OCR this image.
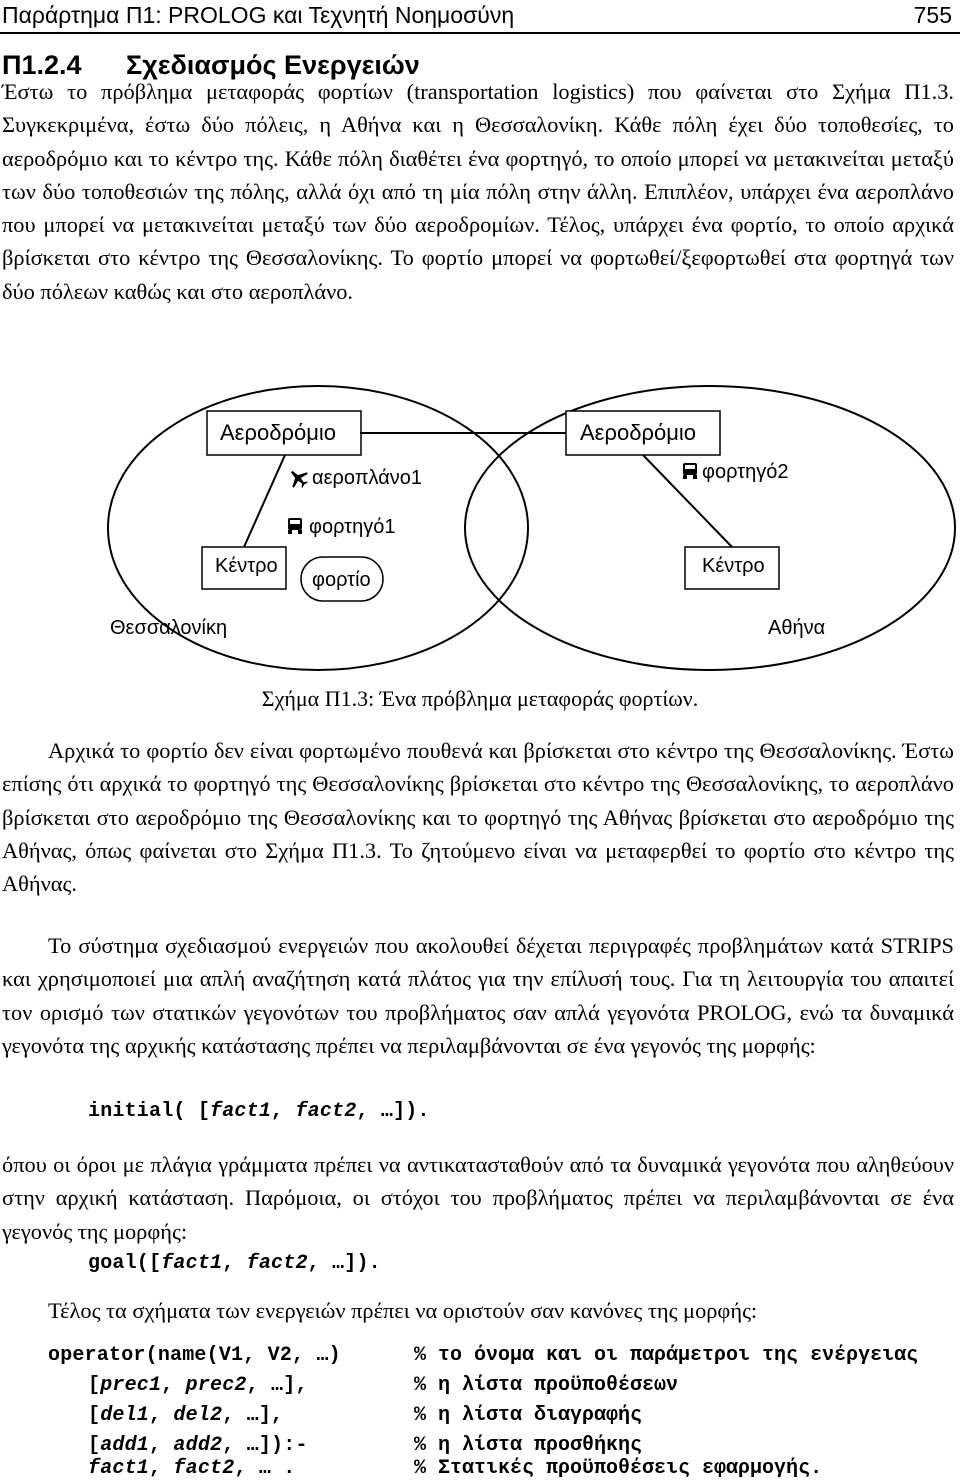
Παράρτημα Π1: PROLOG και Τεχνητή Νοημοσύνη	755
Π1.2.4 Σχεδιασμός Ενεργειών

Έστω το πρόβλημα μεταφοράς φορτίων (transportation logistics) που φαίνεται στο Σχήμα Π1.3. Συγκεκριμένα, έστω δύο πόλεις, η Αθήνα και η Θεσσαλονίκη. Κάθε πόλη έχει δύο τοποθεσίες, το αεροδρόμιο και το κέντρο της. Κάθε πόλη διαθέτει ένα φορτηγό, το οποίο μπορεί να μετακινείται μεταξύ των δύο τοποθεσιών της πόλης, αλλά όχι από τη μία πόλη στην άλλη. Επιπλέον, υπάρχει ένα αεροπλάνο που μπορεί να μετακινείται μεταξύ των δύο αεροδρομίων. Τέλος, υπάρχει ένα φορτίο, το οποίο αρχικά βρίσκεται στο κέντρο της Θεσσαλονίκης. Το φορτίο μπορεί να φορτωθεί/ξεφορτωθεί στα φορτηγά των δύο πόλεων καθώς και στο αεροπλάνο.

Αεροδρόμιο	Αεροδρόμιο
αεροπλάνο1	φορτηγό2
φορτηγό1
Κέντρο
φορτίο
Κέντρο
Θεσσαλονίκη	Αθήνα
Σχήμα Π1.3: Ένα πρόβλημα μεταφοράς φορτίων.

Αρχικά το φορτίο δεν είναι φορτωμένο πουθενά και βρίσκεται στο κέντρο της Θεσσαλονίκης. Έστω επίσης ότι αρχικά το φορτηγό της Θεσσαλονίκης βρίσκεται στο κέντρο της Θεσσαλονίκης, το αεροπλάνο βρίσκεται στο αεροδρόμιο της Θεσσαλονίκης και το φορτηγό της Αθήνας βρίσκεται στο αεροδρόμιο της Αθήνας, όπως φαίνεται στο Σχήμα Π1.3. Το ζητούμενο είναι να μεταφερθεί το φορτίο στο κέντρο της Αθήνας.

Το σύστημα σχεδιασμού ενεργειών που ακολουθεί δέχεται περιγραφές προβλημάτων κατά STRIPS και χρησιμοποιεί μια απλή αναζήτηση κατά πλάτος για την επίλυσή τους. Για τη λειτουργία του απαιτεί τον ορισμό των στατικών γεγονότων του προβλήματος σαν απλά γεγονότα PROLOG, ενώ τα δυναμικά γεγονότα της αρχικής κατάστασης πρέπει να περιλαμβάνονται σε ένα γεγονός της μορφής:

initial( [fact1, fact2, …]).

όπου οι όροι με πλάγια γράμματα πρέπει να αντικατασταθούν από τα δυναμικά γεγονότα που αληθεύουν στην αρχική κατάσταση. Παρόμοια, οι στόχοι του προβλήματος πρέπει να περιλαμβάνονται σε ένα γεγονός της μορφής:

goal([fact1, fact2, …]).

Τέλος τα σχήματα των ενεργειών πρέπει να οριστούν σαν κανόνες της μορφής:

operator(name(V1, V2, …)	% το όνομα και οι παράμετροι της ενέργειας
[prec1, prec2, …],	% η λίστα προϋποθέσεων
[del1, del2, …],	% η λίστα διαγραφής
[add1, add2, …]):-	% η λίστα προσθήκης
fact1, fact2, … .	% Στατικές προϋποθέσεις εφαρμογής.
